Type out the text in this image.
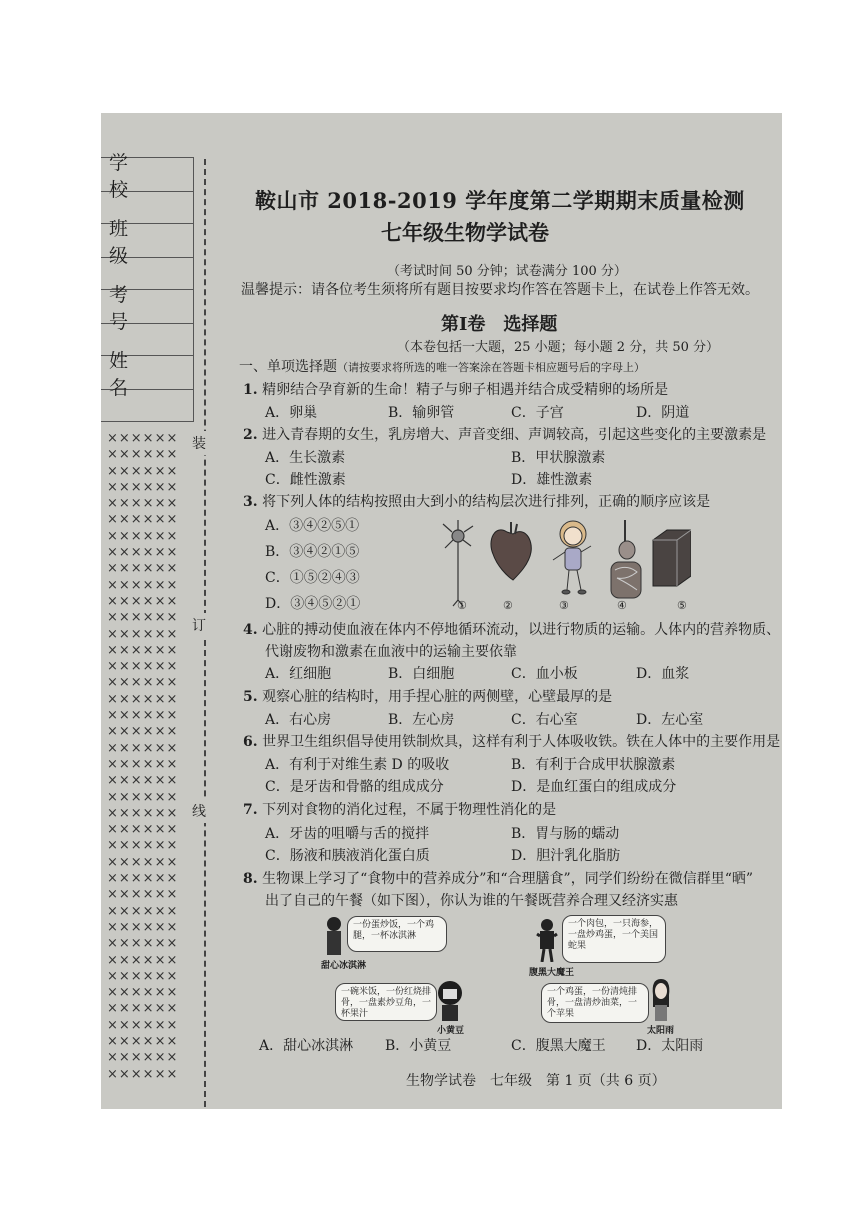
学 校
班 级
考 号
姓 名
××××××
××××××
××××××
××××××
××××××
××××××
××××××
××××××
××××××
××××××
××××××
××××××
××××××
××××××
××××××
××××××
××××××
××××××
××××××
××××××
××××××
××××××
××××××
××××××
××××××
××××××
××××××
××××××
××××××
××××××
××××××
××××××
××××××
××××××
××××××
××××××
××××××
××××××
××××××
××××××
装
订
线
鞍山市 2018-2019 学年度第二学期期末质量检测
七年级生物学试卷
（考试时间 50 分钟；试卷满分 100 分）
温馨提示：请各位考生须将所有题目按要求均作答在答题卡上，在试卷上作答无效。
第Ⅰ卷　选择题
（本卷包括一大题，25 小题；每小题 2 分，共 50 分）
一、单项选择题（请按要求将所选的唯一答案涂在答题卡相应题号后的字母上）
1. 精卵结合孕育新的生命！精子与卵子相遇并结合成受精卵的场所是
A．卵巢	B．输卵管	C．子宫	D．阴道
2. 进入青春期的女生，乳房增大、声音变细、声调较高，引起这些变化的主要激素是
A．生长激素	B．甲状腺激素
C．雌性激素	D．雄性激素
3. 将下列人体的结构按照由大到小的结构层次进行排列，正确的顺序应该是
A．③④②⑤①
B．③④②①⑤
C．①⑤②④③
D．③④⑤②①	①	②	③	④	⑤
4. 心脏的搏动使血液在体内不停地循环流动，以进行物质的运输。人体内的营养物质、
代谢废物和激素在血液中的运输主要依靠
A．红细胞	B．白细胞	C．血小板	D．血浆
5. 观察心脏的结构时，用手捏心脏的两侧壁，心壁最厚的是
A．右心房	B．左心房	C．右心室	D．左心室
6. 世界卫生组织倡导使用铁制炊具，这样有利于人体吸收铁。铁在人体中的主要作用是
A．有利于对维生素 D 的吸收	B．有利于合成甲状腺激素
C．是牙齿和骨骼的组成成分	D．是血红蛋白的组成成分
7. 下列对食物的消化过程，不属于物理性消化的是
A．牙齿的咀嚼与舌的搅拌	B．胃与肠的蠕动
C．肠液和胰液消化蛋白质	D．胆汁乳化脂肪
8. 生物课上学习了“食物中的营养成分”和“合理膳食”，同学们纷纷在微信群里“晒”
出了自己的午餐（如下图），你认为谁的午餐既营养合理又经济实惠
一份蛋炒饭，一个鸡腿，一杯冰淇淋
甜心冰淇淋
一个肉包，一只海参，一盘炒鸡蛋，一个美国蛇果
腹黑大魔王
一碗米饭，一份红烧排骨，一盘素炒豆角，一杯果汁
小黄豆
一个鸡蛋，一份清炖排骨，一盘清炒油菜，一个苹果
太阳雨
A．甜心冰淇淋 B．小黄豆	C．腹黑大魔王 D．太阳雨
生物学试卷　七年级　第 1 页（共 6 页）
